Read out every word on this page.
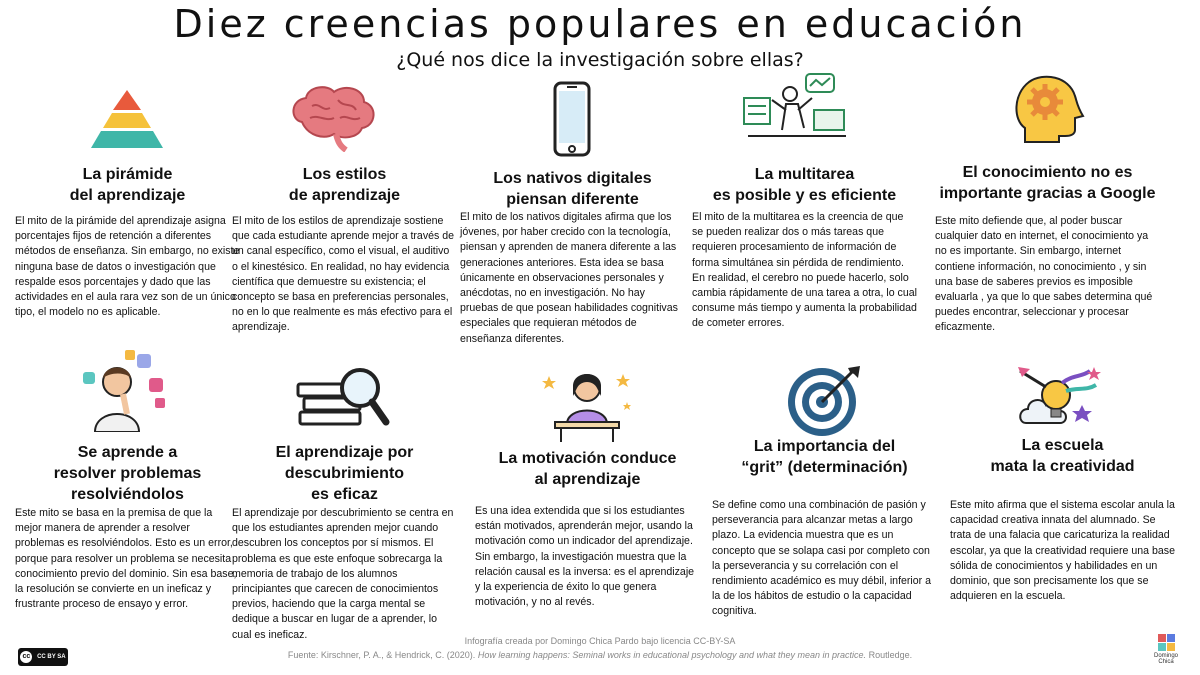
Diez creencias populares en educación
¿Qué nos dice la investigación sobre ellas?
La pirámide
del aprendizaje

El mito de la pirámide del aprendizaje asigna porcentajes fijos de retención a diferentes métodos de enseñanza. Sin embargo, no existe ninguna base de datos o investigación que respalde esos porcentajes y dado que las actividades en el aula rara vez son de un único tipo, el modelo no es aplicable.

Los estilos
de aprendizaje

El mito de los estilos de aprendizaje sostiene que cada estudiante aprende mejor a través de un canal específico, como el visual, el auditivo o el kinestésico. En realidad, no hay evidencia científica que demuestre su existencia; el concepto se basa en preferencias personales, no en lo que realmente es más efectivo para el aprendizaje.

Los nativos digitales
piensan diferente

El mito de los nativos digitales afirma que los jóvenes, por haber crecido con la tecnología, piensan y aprenden de manera diferente a las generaciones anteriores. Esta idea se basa únicamente en observaciones personales y anécdotas, no en investigación. No hay pruebas de que posean habilidades cognitivas especiales que requieran métodos de enseñanza diferentes.

La multitarea
es posible y es eficiente

El mito de la multitarea es la creencia de que se pueden realizar dos o más tareas que requieren procesamiento de información de forma simultánea sin pérdida de rendimiento. En realidad, el cerebro no puede hacerlo, solo cambia rápidamente de una tarea a otra, lo cual consume más tiempo y aumenta la probabilidad de cometer errores.

El conocimiento no es
importante gracias a Google

Este mito defiende que, al poder buscar cualquier dato en internet, el conocimiento ya no es importante. Sin embargo, internet contiene información, no conocimiento , y sin una base de saberes previos es imposible evaluarla , ya que lo que sabes determina qué puedes encontrar, seleccionar y procesar eficazmente.

Se aprende a
resolver problemas
resolviéndolos

Este mito se basa en la premisa de que la mejor manera de aprender a resolver problemas es resolviéndolos. Esto es un error, porque para resolver un problema se necesita conocimiento previo del dominio. Sin esa base, la resolución se convierte en un ineficaz y frustrante proceso de ensayo y error.

El aprendizaje por
descubrimiento
es eficaz

El aprendizaje por descubrimiento se centra en que los estudiantes aprenden mejor cuando descubren los conceptos por sí mismos. El problema es que este enfoque sobrecarga la memoria de trabajo de los alumnos principiantes que carecen de conocimientos previos, haciendo que la carga mental se dedique a buscar en lugar de a aprender, lo cual es ineficaz.

La motivación conduce
al aprendizaje

Es una idea extendida que si los estudiantes están motivados, aprenderán mejor, usando la motivación como un indicador del aprendizaje. Sin embargo, la investigación muestra que la relación causal es la inversa: es el aprendizaje y la experiencia de éxito lo que genera motivación, y no al revés.

La importancia del
“grit” (determinación)

Se define como una combinación de pasión y perseverancia para alcanzar metas a largo plazo. La evidencia muestra que es un concepto que se solapa casi por completo con la perseverancia y su correlación con el rendimiento académico es muy débil, inferior a la de los hábitos de estudio o la capacidad cognitiva.

La escuela
mata la creatividad

Este mito afirma que el sistema escolar anula la capacidad creativa innata del alumnado. Se trata de una falacia que caricaturiza la realidad escolar, ya que la creatividad requiere una base sólida de conocimientos y habilidades en un dominio, que son precisamente los que se adquieren en la escuela.

Infografía creada por Domingo Chica Pardo bajo licencia CC-BY-SA
Fuente: Kirschner, P. A., & Hendrick, C. (2020). How learning happens: Seminal works in educational psychology and what they mean in practice. Routledge.
cc	CC BY SA	Domingo Chica
